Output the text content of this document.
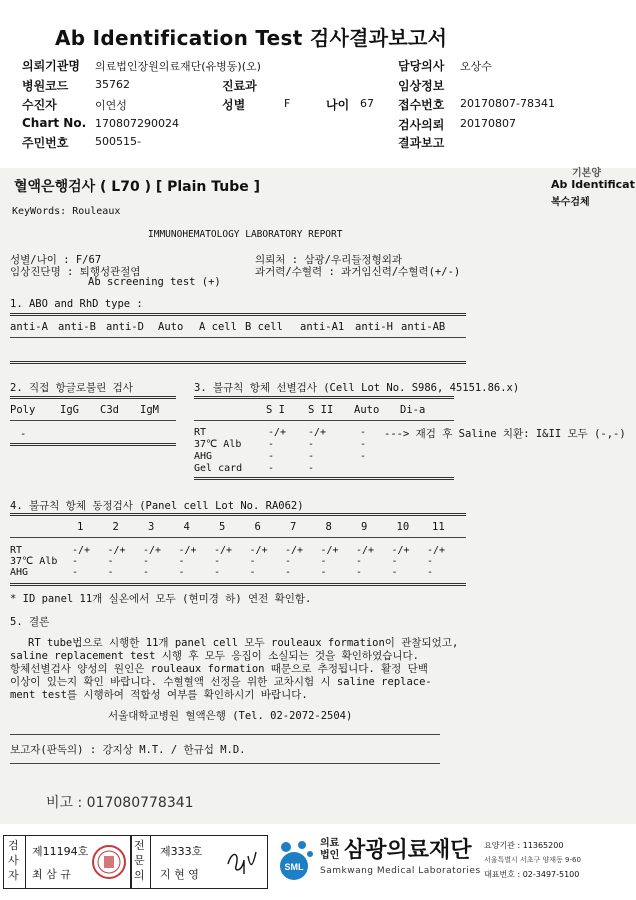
Ab Identification Test 검사결과보고서
의뢰기관명 의료법인장원의료재단(유병동)(오)	담당의사 오상수
병원코드 35762	진료과	임상정보
수진자	이연성	성별	F	나이 67 접수번호 20170807-78341
Chart No. 170807290024	검사의뢰 20170807
주민번호 500515-	결과보고
혈액은행검사 ( L70 ) [ Plain Tube ]
기본양
Ab Identificat
복수검체
KeyWords: Rouleaux
IMMUNOHEMATOLOGY LABORATORY REPORT
성별/나이 : F/67
임상진단명 : 퇴행성관절염
Ab screening test (+)
의뢰처 : 삼광/우리들정형외과
과거력/수혈력 : 과거임신력/수혈력(+/-)
1. ABO and RhD type :
anti-A anti-B anti-D Auto A cell B cell anti-A1 anti-H anti-AB
2. 직접 항글로불린 검사
Poly IgG C3d IgM
-
3. 불규칙 항체 선별검사 (Cell Lot No. S986, 45151.86.x)
S I S II Auto Di-a
RT	-/+ -/+	-
37℃ Alb	-	-	-
AHG	-	-	-
Gel card	-	-
---> 재검 후 Saline 치환: I&II 모두 (-,-)
4. 불규칙 항체 동정검사 (Panel cell Lot No. RA062)
1	2	3	4	5	6	7	8	9	10 11
RT	-/+ -/+ -/+ -/+ -/+ -/+ -/+ -/+ -/+ -/+ -/+
37℃ Alb -	-	-	-	-	-	-	-	-	-	-
AHG	-	-	-	-	-	-	-	-	-	-	-
* ID panel 11개 실온에서 모두 (현미경 하) 연전 확인함.
5. 결론
RT tube법으로 시행한 11개 panel cell 모두 rouleaux formation이 관찰되었고,
saline replacement test 시행 후 모두 응집이 소실되는 것을 확인하였습니다.
항체선별검사 양성의 원인은 rouleaux formation 때문으로 추정됩니다. 활정 단백
이상이 있는지 확인 바랍니다. 수혈혈액 선정을 위한 교차시험 시 saline replace-
ment test를 시행하여 적합성 여부를 확인하시기 바랍니다.
서울대학교병원 혈액은행 (Tel. 02-2072-2504)
보고자(판독의) : 강지상 M.T. / 한규섭 M.D.
비고 : 017080778341
검
사
자
제11194호
최 삼 규
전
문
의
제333호
지 현 영
SML
의료
법인 삼광의료재단
Samkwang Medical Laboratories
요양기관 : 11365200
서울특별시 서초구 양재동 9-60
대표번호 : 02-3497-5100
